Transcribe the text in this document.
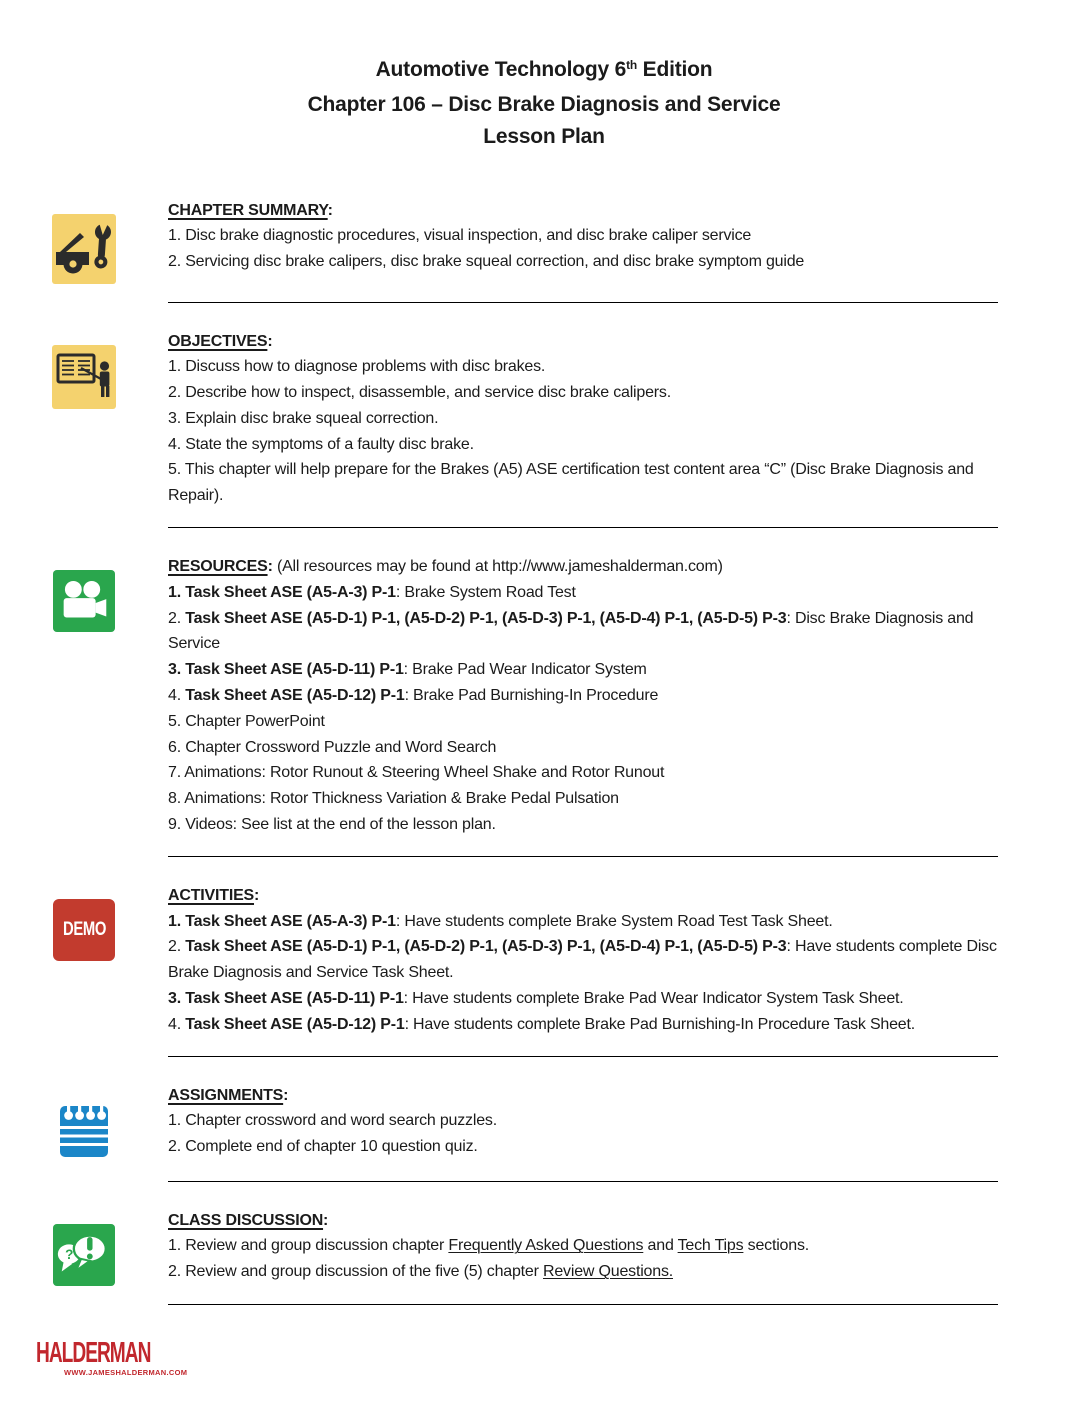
Automotive Technology 6th Edition
Chapter 106 – Disc Brake Diagnosis and Service
Lesson Plan

CHAPTER SUMMARY:

1. Disc brake diagnostic procedures, visual inspection, and disc brake caliper service

2. Servicing disc brake calipers, disc brake squeal correction, and disc brake symptom guide

OBJECTIVES:

1. Discuss how to diagnose problems with disc brakes.

2. Describe how to inspect, disassemble, and service disc brake calipers.

3. Explain disc brake squeal correction.

4. State the symptoms of a faulty disc brake.

5. This chapter will help prepare for the Brakes (A5) ASE certification test content area “C” (Disc Brake Diagnosis and Repair).

RESOURCES: (All resources may be found at http://www.jameshalderman.com)

1. Task Sheet ASE (A5-A-3) P-1: Brake System Road Test

2. Task Sheet ASE (A5-D-1) P-1, (A5-D-2) P-1, (A5-D-3) P-1, (A5-D-4) P-1, (A5-D-5) P-3: Disc Brake Diagnosis and Service

3. Task Sheet ASE (A5-D-11) P-1: Brake Pad Wear Indicator System

4. Task Sheet ASE (A5-D-12) P-1: Brake Pad Burnishing-In Procedure

5. Chapter PowerPoint

6. Chapter Crossword Puzzle and Word Search

7. Animations: Rotor Runout & Steering Wheel Shake and Rotor Runout

8. Animations: Rotor Thickness Variation & Brake Pedal Pulsation

9. Videos: See list at the end of the lesson plan.

DEMO

ACTIVITIES:

1. Task Sheet ASE (A5-A-3) P-1: Have students complete Brake System Road Test Task Sheet.

2. Task Sheet ASE (A5-D-1) P-1, (A5-D-2) P-1, (A5-D-3) P-1, (A5-D-4) P-1, (A5-D-5) P-3: Have students complete Disc Brake Diagnosis and Service Task Sheet.

3. Task Sheet ASE (A5-D-11) P-1: Have students complete Brake Pad Wear Indicator System Task Sheet.

4. Task Sheet ASE (A5-D-12) P-1: Have students complete Brake Pad Burnishing-In Procedure Task Sheet.

ASSIGNMENTS:

1. Chapter crossword and word search puzzles.

2. Complete end of chapter 10 question quiz.

?

CLASS DISCUSSION:

1. Review and group discussion chapter Frequently Asked Questions and Tech Tips sections.

2. Review and group discussion of the five (5) chapter Review Questions.

HALDERMAN
WWW.JAMESHALDERMAN.COM
